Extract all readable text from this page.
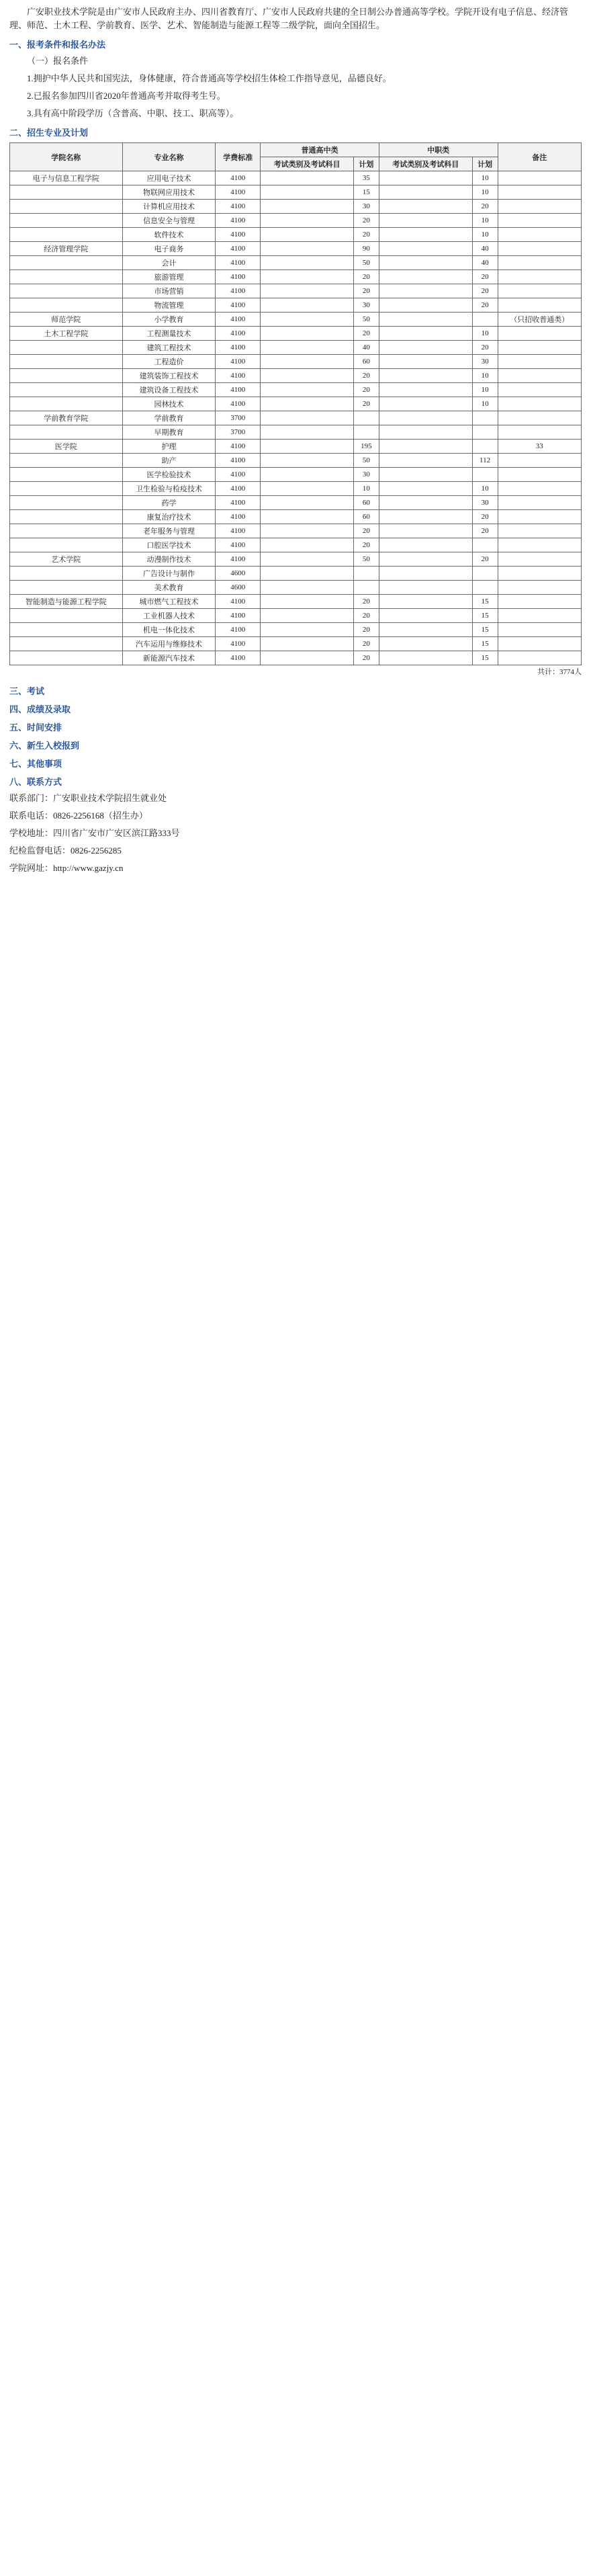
广安职业技术学院是由广安市人民政府主办、四川省教育厅、广安市人民政府共建的全日制公办普通高等学校。学院开设有电子信息、经济管理、师范、土木工程、学前教育、医学、艺术、智能制造与能源工程等二级学院，面向全国招生。

一、报考条件和报名办法

（一）报名条件

1.拥护中华人民共和国宪法，身体健康，符合普通高等学校招生体检工作指导意见，品德良好。

2.已报名参加四川省2020年普通高考并取得考生号。

3.具有高中阶段学历（含普高、中职、技工、职高等）。

二、招生专业及计划
学院名称	专业名称	学费标准	普通高中类		中职类		备注
			考试类别及考试科目	计划	考试类别及考试科目	计划	
电子与信息工程学院	应用电子技术	4100		35		10	
	物联网应用技术	4100		15		10	
	计算机应用技术	4100		30		20	
	信息安全与管理	4100		20		10	
	软件技术	4100		20		10	
经济管理学院	电子商务	4100		90		40	
	会计	4100		50		40	
	旅游管理	4100		20		20	
	市场营销	4100		20		20	
	物流管理	4100		30		20	
师范学院	小学教育	4100		50			（只招收普通类）
土木工程学院	工程测量技术	4100		20		10	
	建筑工程技术	4100		40		20	
	工程造价	4100		60		30	
	建筑装饰工程技术	4100		20		10	
	建筑设备工程技术	4100		20		10	
	园林技术	4100		20		10	
学前教育学院	学前教育	3700					
	早期教育	3700					
医学院	护理	4100		195			33
	助产	4100		50		112	
	医学检验技术	4100		30			
	卫生检验与检疫技术	4100		10		10	
	药学	4100		60		30	
	康复治疗技术	4100		60		20	
	老年服务与管理	4100		20		20	
	口腔医学技术	4100		20			
艺术学院	动漫制作技术	4100		50		20	
	广告设计与制作	4600					
	美术教育	4600					
智能制造与能源工程学院	城市燃气工程技术	4100		20		15	
	工业机器人技术	4100		20		15	
	机电一体化技术	4100		20		15	
	汽车运用与维修技术	4100		20		15	
	新能源汽车技术	4100		20		15	

共计：3774人

三、考试
四、成绩及录取
五、时间安排
六、新生入校报到
七、其他事项
八、联系方式

联系部门：广安职业技术学院招生就业处

联系电话：0826-2256168（招生办）

学校地址：四川省广安市广安区滨江路333号

纪检监督电话：0826-2256285

学院网址：http://www.gazjy.cn
